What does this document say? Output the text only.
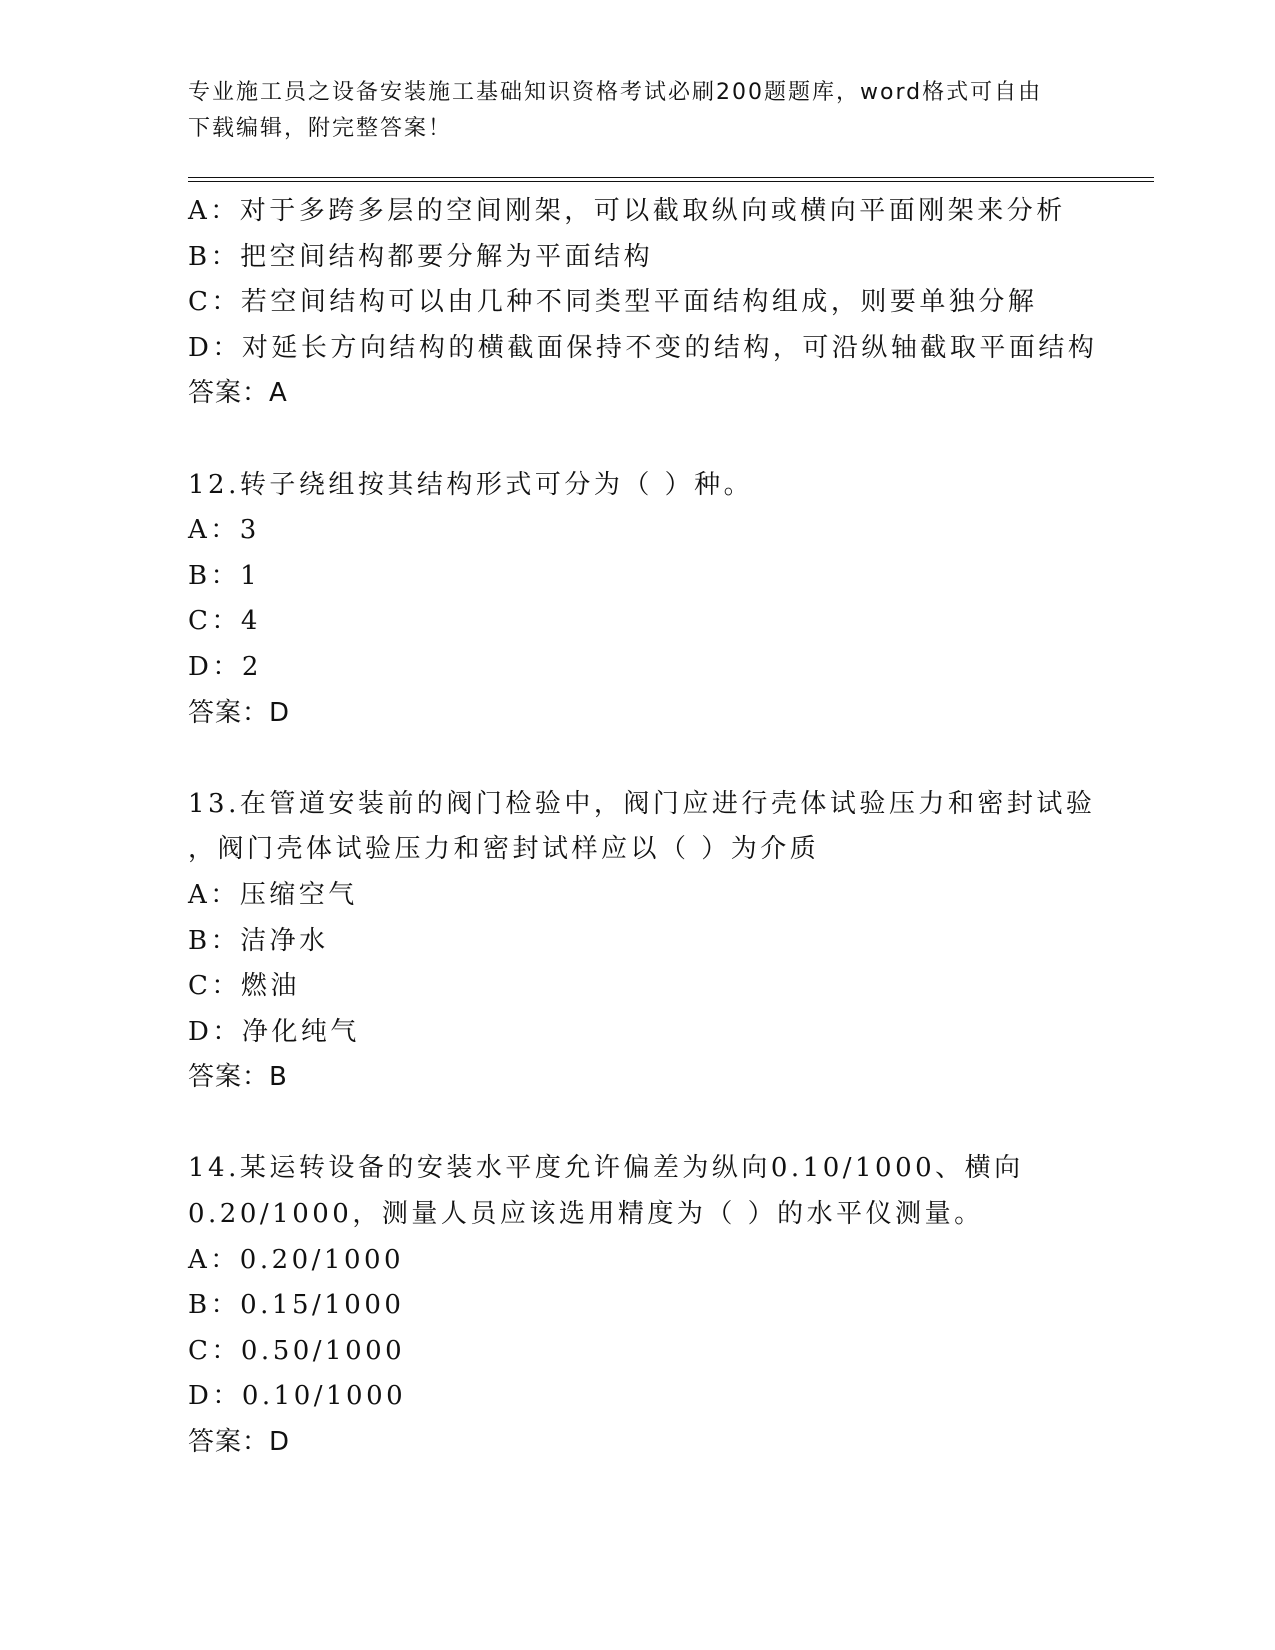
专业施工员之设备安装施工基础知识资格考试必刷200题题库，word格式可自由
下载编辑，附完整答案！
A：对于多跨多层的空间刚架，可以截取纵向或横向平面刚架来分析
B：把空间结构都要分解为平面结构
C：若空间结构可以由几种不同类型平面结构组成，则要单独分解
D：对延长方向结构的横截面保持不变的结构，可沿纵轴截取平面结构
答案：A
12.转子绕组按其结构形式可分为（ ）种。
A：3
B：1
C：4
D：2
答案：D
13.在管道安装前的阀门检验中，阀门应进行壳体试验压力和密封试验
，阀门壳体试验压力和密封试样应以（ ）为介质
A：压缩空气
B：洁净水
C：燃油
D：净化纯气
答案：B
14.某运转设备的安装水平度允许偏差为纵向0.10/1000、横向
0.20/1000，测量人员应该选用精度为（ ）的水平仪测量。
A：0.20/1000
B：0.15/1000
C：0.50/1000
D：0.10/1000
答案：D
